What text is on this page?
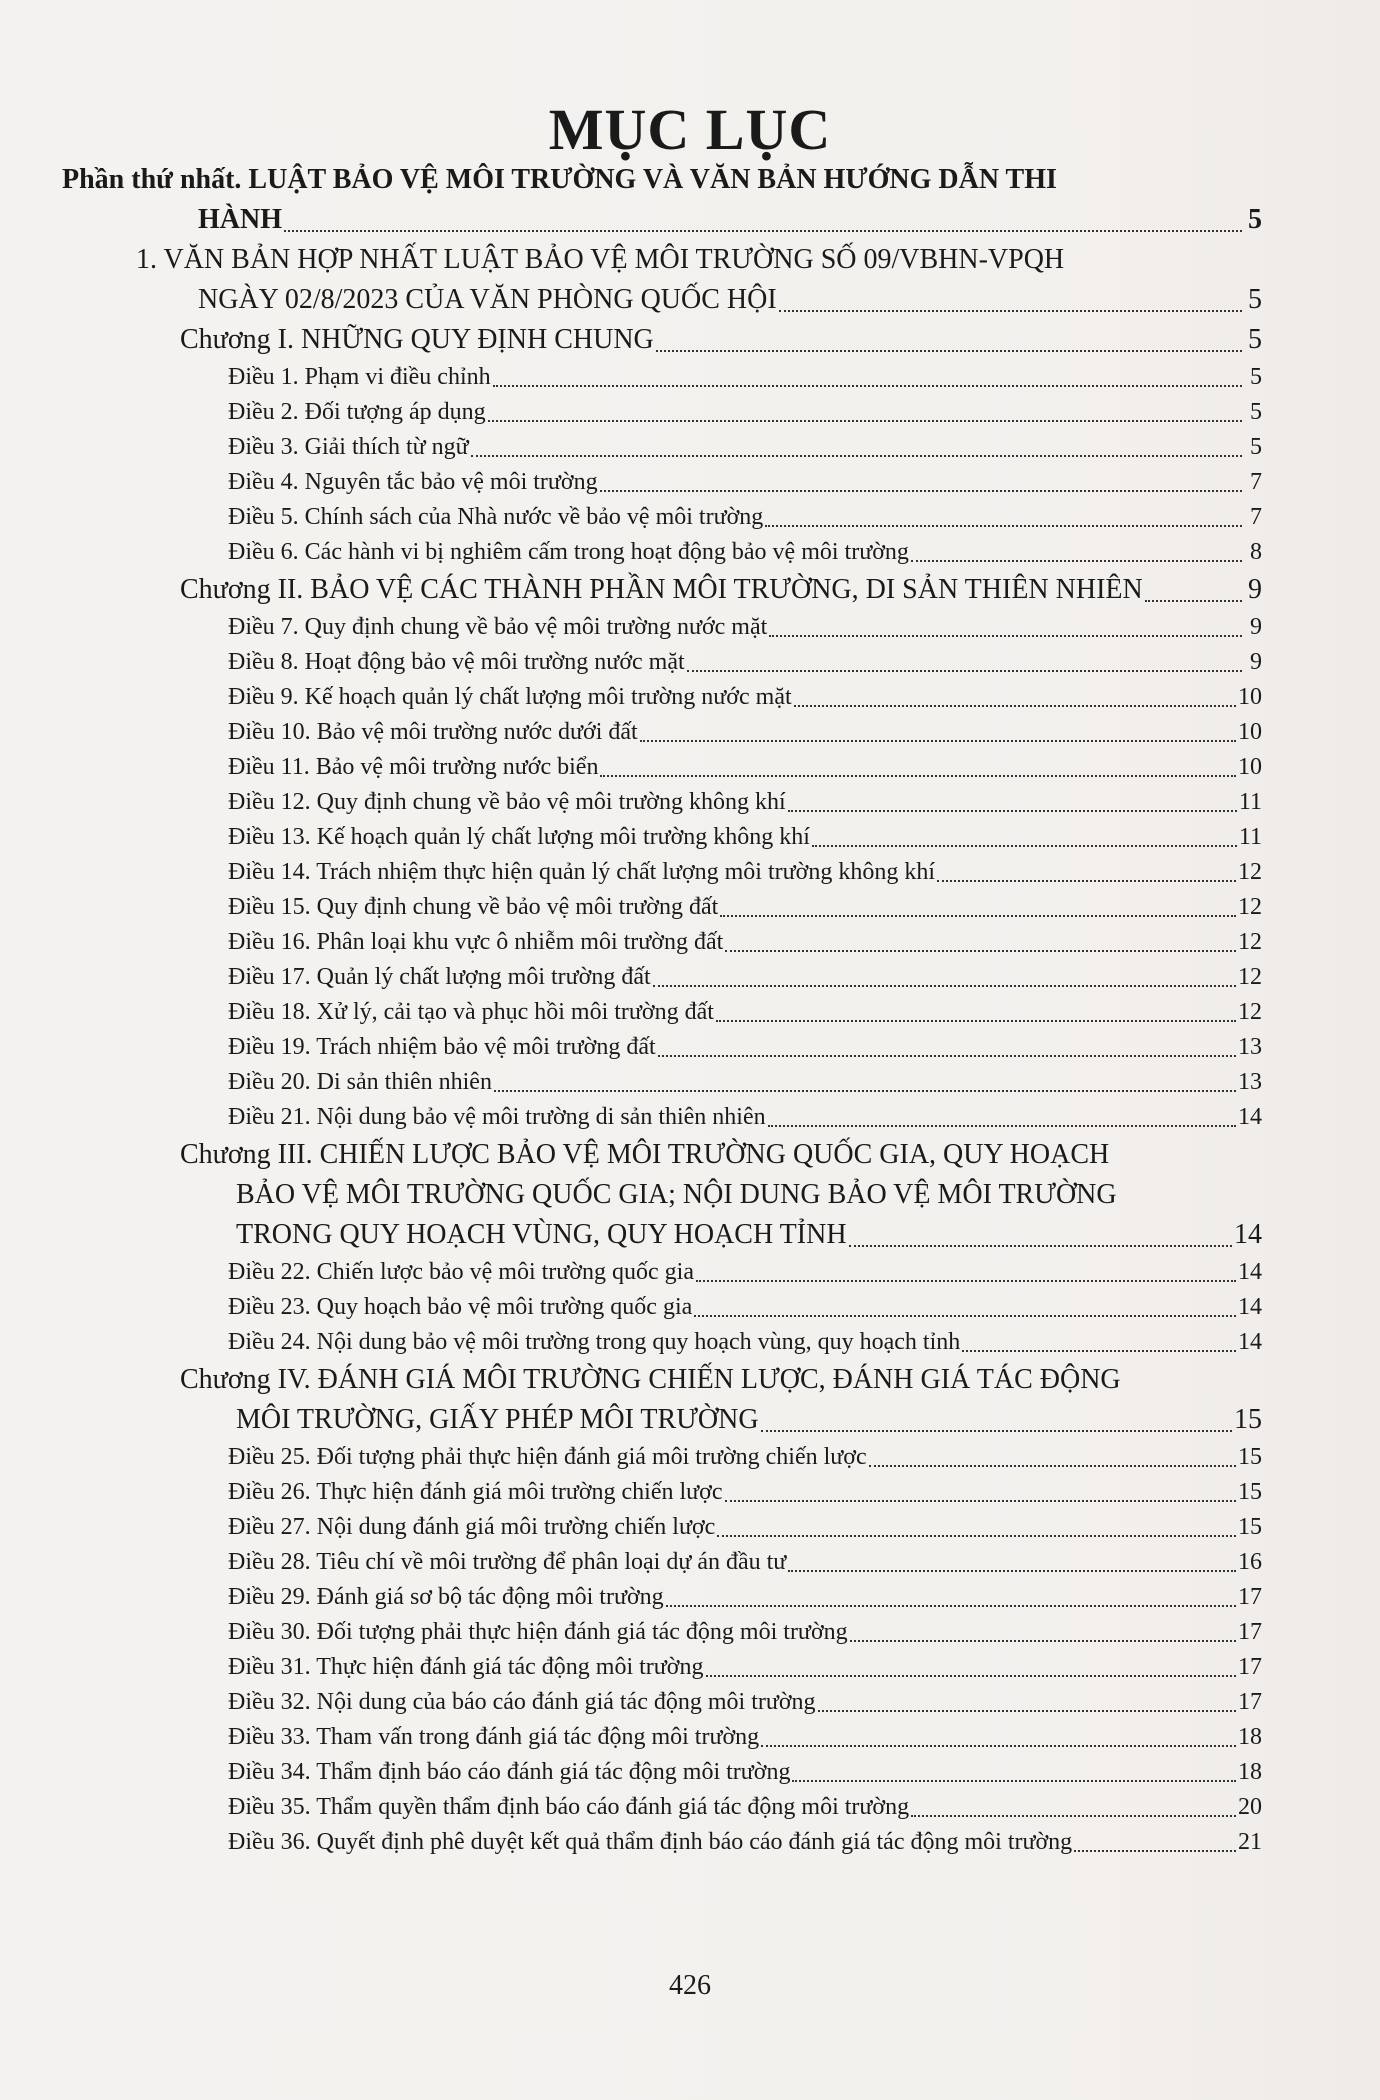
MỤC LỤC
Phần thứ nhất. LUẬT BẢO VỆ MÔI TRƯỜNG VÀ VĂN BẢN HƯỚNG DẪN THI
HÀNH	5
1. VĂN BẢN HỢP NHẤT LUẬT BẢO VỆ MÔI TRƯỜNG SỐ 09/VBHN-VPQH
NGÀY 02/8/2023 CỦA VĂN PHÒNG QUỐC HỘI	5
Chương I. NHỮNG QUY ĐỊNH CHUNG	5
Điều 1. Phạm vi điều chỉnh	5
Điều 2. Đối tượng áp dụng	5
Điều 3. Giải thích từ ngữ	5
Điều 4. Nguyên tắc bảo vệ môi trường	7
Điều 5. Chính sách của Nhà nước về bảo vệ môi trường	7
Điều 6. Các hành vi bị nghiêm cấm trong hoạt động bảo vệ môi trường	8
Chương II. BẢO VỆ CÁC THÀNH PHẦN MÔI TRƯỜNG, DI SẢN THIÊN NHIÊN	9
Điều 7. Quy định chung về bảo vệ môi trường nước mặt	9
Điều 8. Hoạt động bảo vệ môi trường nước mặt	9
Điều 9. Kế hoạch quản lý chất lượng môi trường nước mặt	10
Điều 10. Bảo vệ môi trường nước dưới đất	10
Điều 11. Bảo vệ môi trường nước biển	10
Điều 12. Quy định chung về bảo vệ môi trường không khí	11
Điều 13. Kế hoạch quản lý chất lượng môi trường không khí	11
Điều 14. Trách nhiệm thực hiện quản lý chất lượng môi trường không khí	12
Điều 15. Quy định chung về bảo vệ môi trường đất	12
Điều 16. Phân loại khu vực ô nhiễm môi trường đất	12
Điều 17. Quản lý chất lượng môi trường đất	12
Điều 18. Xử lý, cải tạo và phục hồi môi trường đất	12
Điều 19. Trách nhiệm bảo vệ môi trường đất	13
Điều 20. Di sản thiên nhiên	13
Điều 21. Nội dung bảo vệ môi trường di sản thiên nhiên	14
Chương III. CHIẾN LƯỢC BẢO VỆ MÔI TRƯỜNG QUỐC GIA, QUY HOẠCH
BẢO VỆ MÔI TRƯỜNG QUỐC GIA; NỘI DUNG BẢO VỆ MÔI TRƯỜNG
TRONG QUY HOẠCH VÙNG, QUY HOẠCH TỈNH	14
Điều 22. Chiến lược bảo vệ môi trường quốc gia	14
Điều 23. Quy hoạch bảo vệ môi trường quốc gia	14
Điều 24. Nội dung bảo vệ môi trường trong quy hoạch vùng, quy hoạch tỉnh	14
Chương IV. ĐÁNH GIÁ MÔI TRƯỜNG CHIẾN LƯỢC, ĐÁNH GIÁ TÁC ĐỘNG
MÔI TRƯỜNG, GIẤY PHÉP MÔI TRƯỜNG	15
Điều 25. Đối tượng phải thực hiện đánh giá môi trường chiến lược	15
Điều 26. Thực hiện đánh giá môi trường chiến lược	15
Điều 27. Nội dung đánh giá môi trường chiến lược	15
Điều 28. Tiêu chí về môi trường để phân loại dự án đầu tư	16
Điều 29. Đánh giá sơ bộ tác động môi trường	17
Điều 30. Đối tượng phải thực hiện đánh giá tác động môi trường	17
Điều 31. Thực hiện đánh giá tác động môi trường	17
Điều 32. Nội dung của báo cáo đánh giá tác động môi trường	17
Điều 33. Tham vấn trong đánh giá tác động môi trường	18
Điều 34. Thẩm định báo cáo đánh giá tác động môi trường	18
Điều 35. Thẩm quyền thẩm định báo cáo đánh giá tác động môi trường	20
Điều 36. Quyết định phê duyệt kết quả thẩm định báo cáo đánh giá tác động môi trường	21
426
